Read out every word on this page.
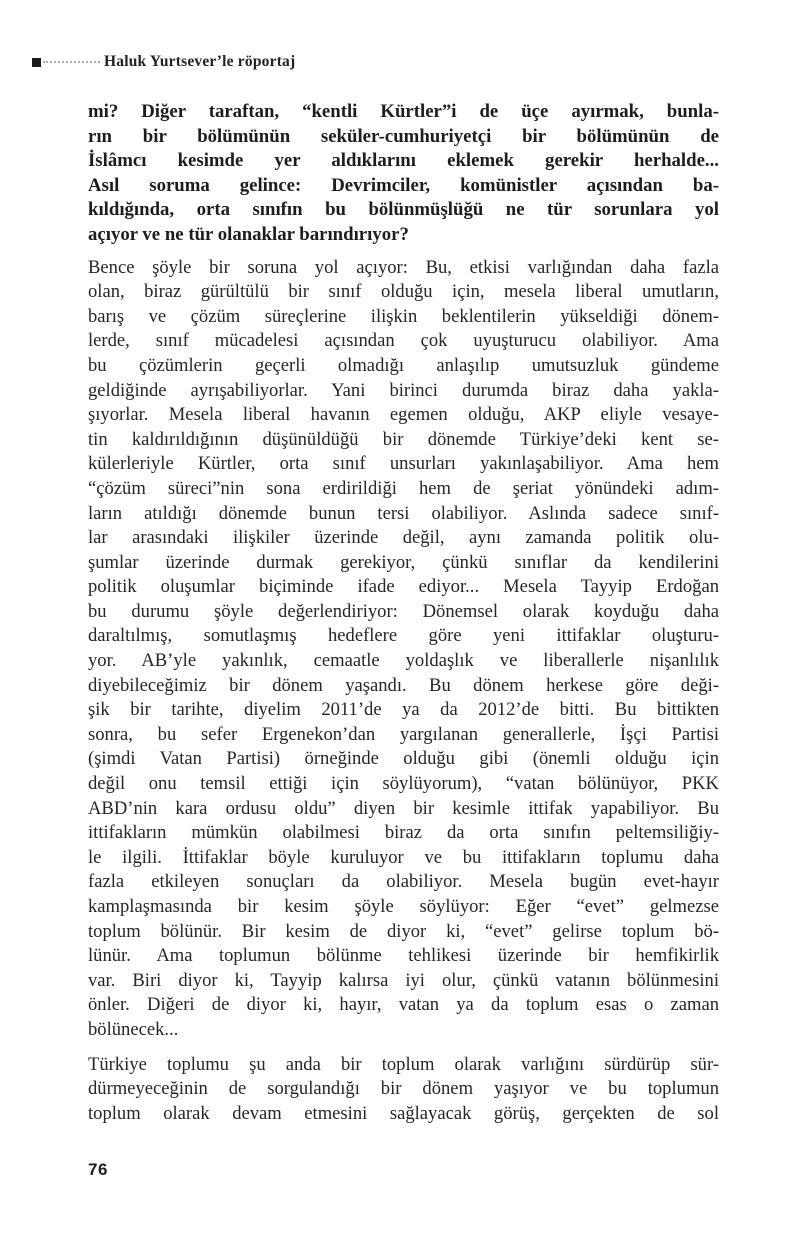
Haluk Yurtsever’le röportaj
mi? Diğer taraftan, “kentli Kürtler”i de üçe ayırmak, bunla-
rın bir bölümünün seküler-cumhuriyetçi bir bölümünün de
İslâmcı kesimde yer aldıklarını eklemek gerekir herhalde...
Asıl soruma gelince: Devrimciler, komünistler açısından ba-
kıldığında, orta sınıfın bu bölünmüşlüğü ne tür sorunlara yol
açıyor ve ne tür olanaklar barındırıyor?
Bence şöyle bir soruna yol açıyor: Bu, etkisi varlığından daha fazla
olan, biraz gürültülü bir sınıf olduğu için, mesela liberal umutların,
barış ve çözüm süreçlerine ilişkin beklentilerin yükseldiği dönem-
lerde, sınıf mücadelesi açısından çok uyuşturucu olabiliyor. Ama
bu çözümlerin geçerli olmadığı anlaşılıp umutsuzluk gündeme
geldiğinde ayrışabiliyorlar. Yani birinci durumda biraz daha yakla-
şıyorlar. Mesela liberal havanın egemen olduğu, AKP eliyle vesaye-
tin kaldırıldığının düşünüldüğü bir dönemde Türkiye’deki kent se-
külerleriyle Kürtler, orta sınıf unsurları yakınlaşabiliyor. Ama hem
“çözüm süreci”nin sona erdirildiği hem de şeriat yönündeki adım-
ların atıldığı dönemde bunun tersi olabiliyor. Aslında sadece sınıf-
lar arasındaki ilişkiler üzerinde değil, aynı zamanda politik olu-
şumlar üzerinde durmak gerekiyor, çünkü sınıflar da kendilerini
politik oluşumlar biçiminde ifade ediyor... Mesela Tayyip Erdoğan
bu durumu şöyle değerlendiriyor: Dönemsel olarak koyduğu daha
daraltılmış, somutlaşmış hedeflere göre yeni ittifaklar oluşturu-
yor. AB’yle yakınlık, cemaatle yoldaşlık ve liberallerle nişanlılık
diyebileceğimiz bir dönem yaşandı. Bu dönem herkese göre deği-
şik bir tarihte, diyelim 2011’de ya da 2012’de bitti. Bu bittikten
sonra, bu sefer Ergenekon’dan yargılanan generallerle, İşçi Partisi
(şimdi Vatan Partisi) örneğinde olduğu gibi (önemli olduğu için
değil onu temsil ettiği için söylüyorum), “vatan bölünüyor, PKK
ABD’nin kara ordusu oldu” diyen bir kesimle ittifak yapabiliyor. Bu
ittifakların mümkün olabilmesi biraz da orta sınıfın peltemsiliğiy-
le ilgili. İttifaklar böyle kuruluyor ve bu ittifakların toplumu daha
fazla etkileyen sonuçları da olabiliyor. Mesela bugün evet-hayır
kamplaşmasında bir kesim şöyle söylüyor: Eğer “evet” gelmezse
toplum bölünür. Bir kesim de diyor ki, “evet” gelirse toplum bö-
lünür. Ama toplumun bölünme tehlikesi üzerinde bir hemfikirlik
var. Biri diyor ki, Tayyip kalırsa iyi olur, çünkü vatanın bölünmesini
önler. Diğeri de diyor ki, hayır, vatan ya da toplum esas o zaman
bölünecek...
Türkiye toplumu şu anda bir toplum olarak varlığını sürdürüp sür-
dürmeyeceğinin de sorgulandığı bir dönem yaşıyor ve bu toplumun
toplum olarak devam etmesini sağlayacak görüş, gerçekten de sol
76
